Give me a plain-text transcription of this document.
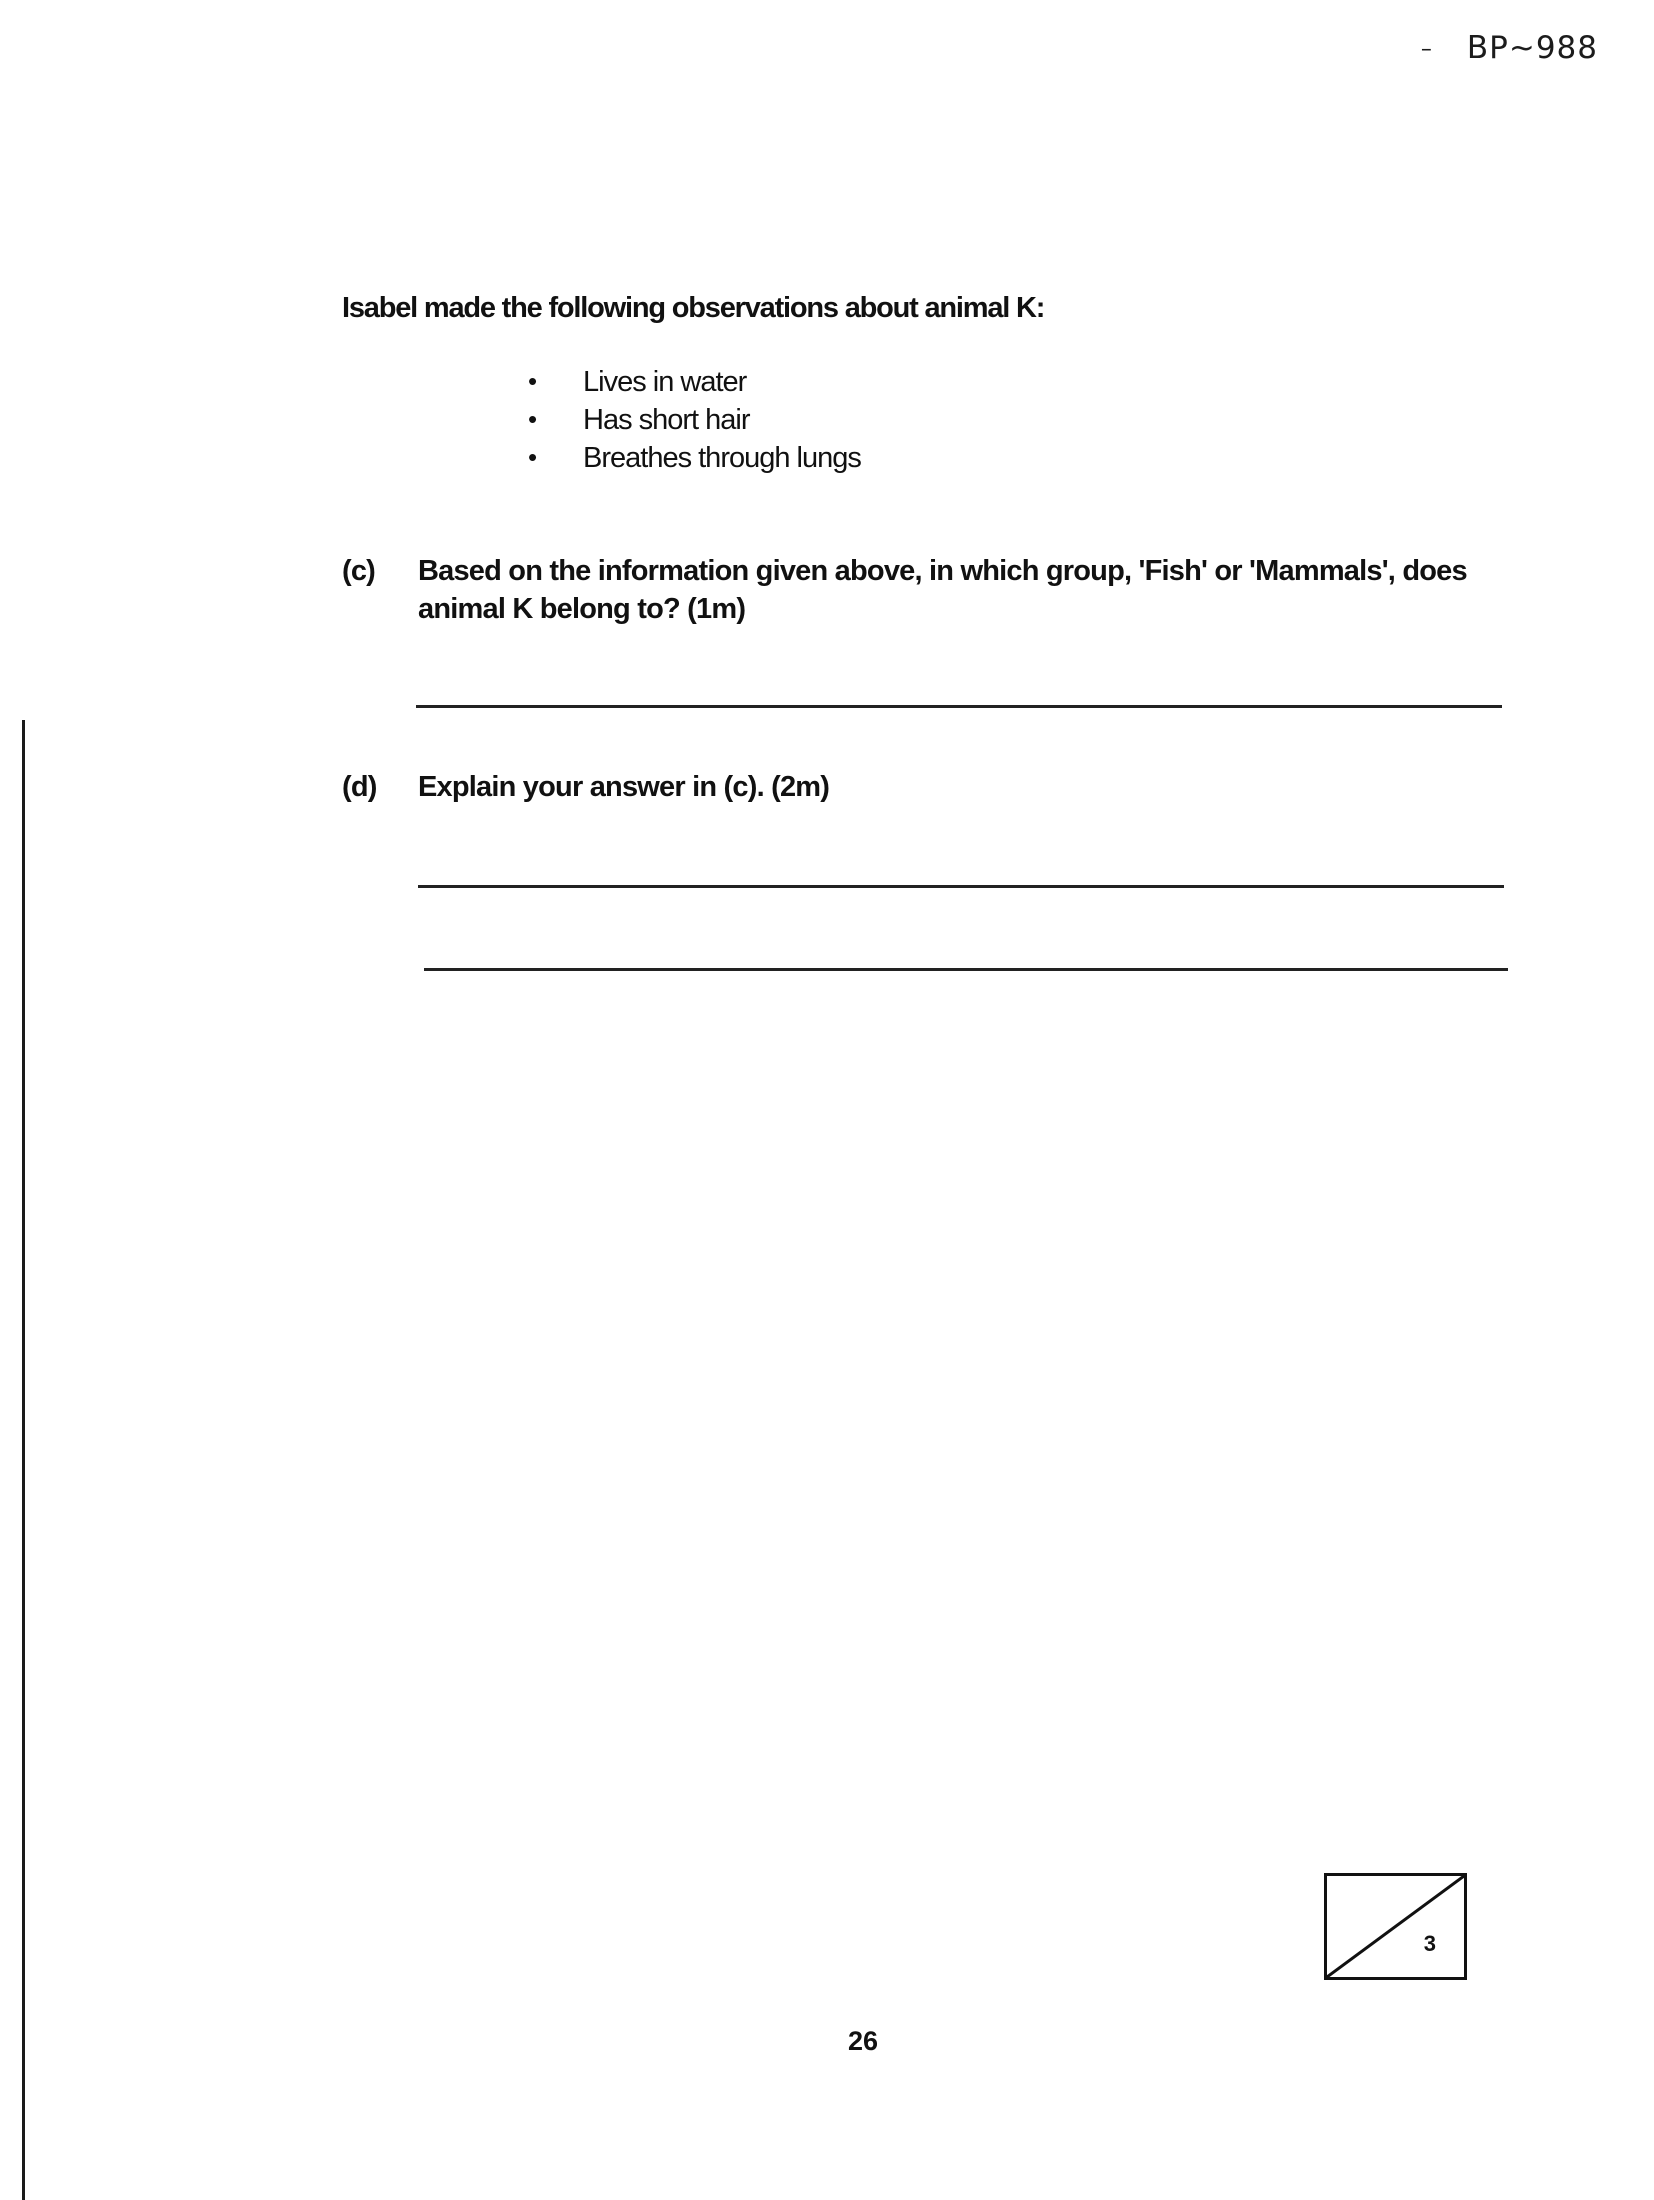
– BP~988
Isabel made the following observations about animal K:
• Lives in water
• Has short hair
• Breathes through lungs
(c) Based on the information given above, in which group, 'Fish' or 'Mammals', does animal K belong to? (1m)
(d) Explain your answer in (c). (2m)
3
26
